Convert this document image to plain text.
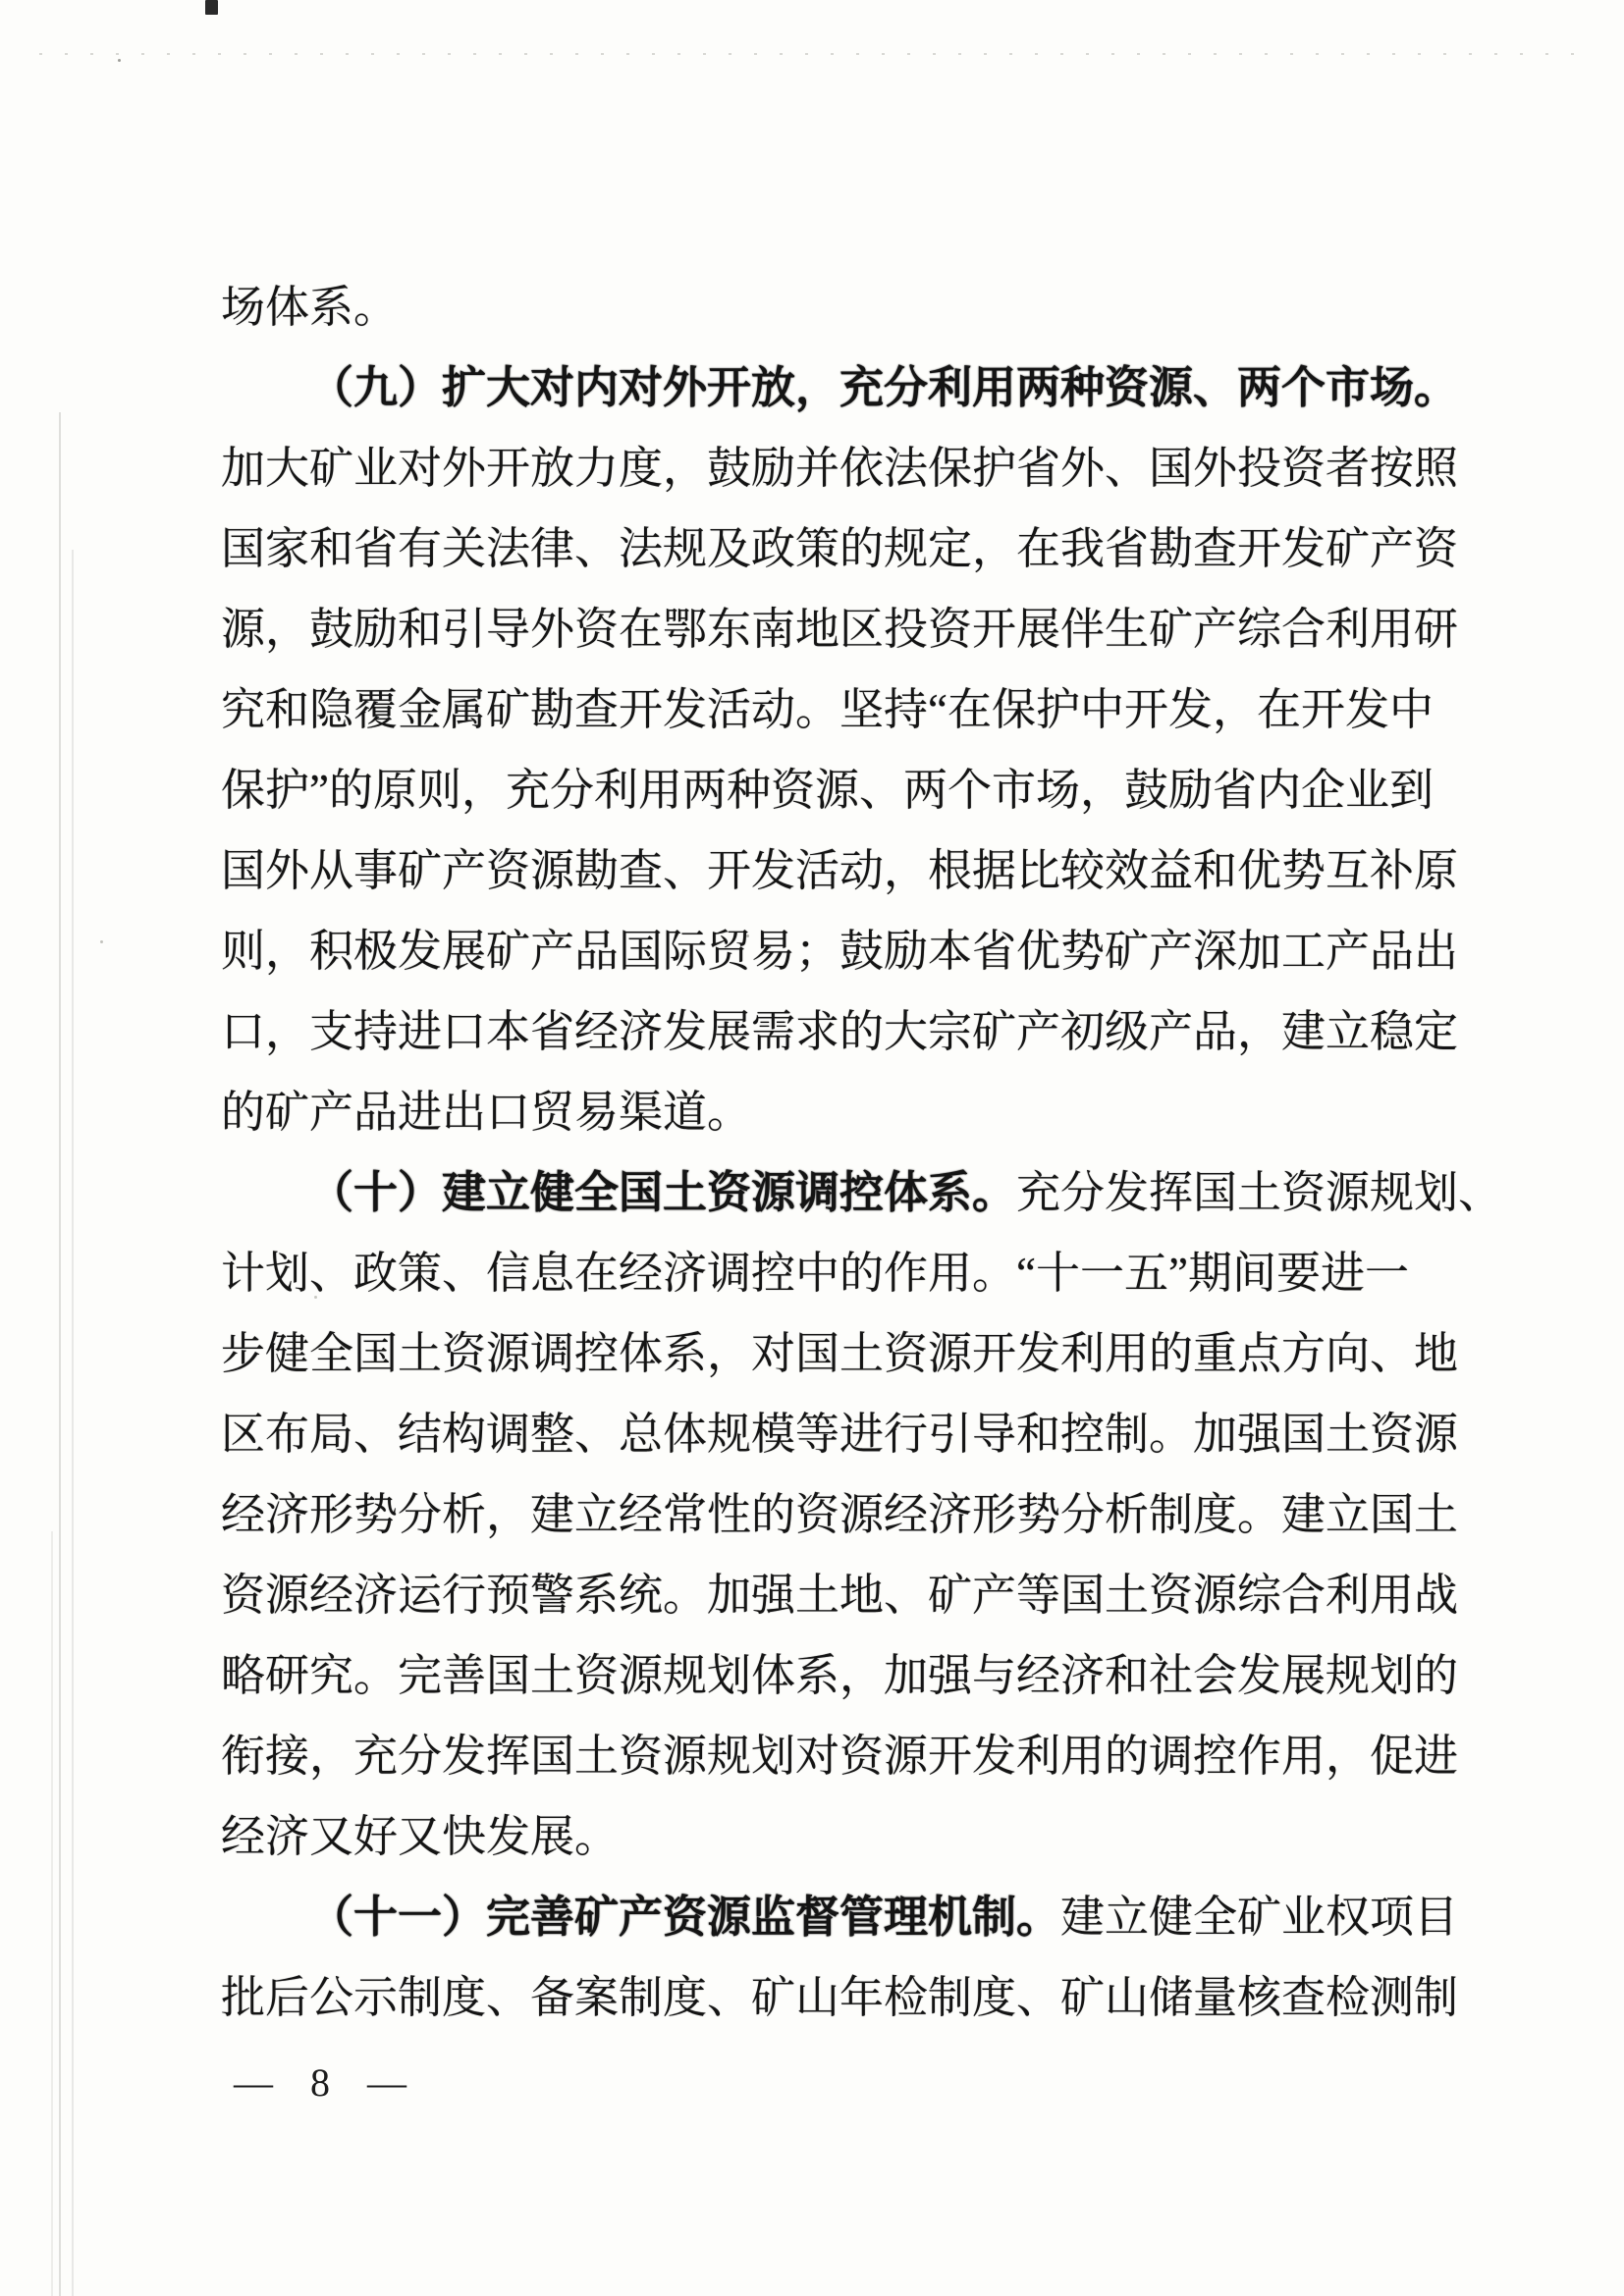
场体系。
（九）扩大对内对外开放，充分利用两种资源、两个市场。
加大矿业对外开放力度，鼓励并依法保护省外、国外投资者按照
国家和省有关法律、法规及政策的规定，在我省勘查开发矿产资
源，鼓励和引导外资在鄂东南地区投资开展伴生矿产综合利用研
究和隐覆金属矿勘查开发活动。坚持“在保护中开发，在开发中
保护”的原则，充分利用两种资源、两个市场，鼓励省内企业到
国外从事矿产资源勘查、开发活动，根据比较效益和优势互补原
则，积极发展矿产品国际贸易；鼓励本省优势矿产深加工产品出
口，支持进口本省经济发展需求的大宗矿产初级产品，建立稳定
的矿产品进出口贸易渠道。
（十）建立健全国土资源调控体系。充分发挥国土资源规划、
计划、政策、信息在经济调控中的作用。“十一五”期间要进一
步健全国土资源调控体系，对国土资源开发利用的重点方向、地
区布局、结构调整、总体规模等进行引导和控制。加强国土资源
经济形势分析，建立经常性的资源经济形势分析制度。建立国土
资源经济运行预警系统。加强土地、矿产等国土资源综合利用战
略研究。完善国土资源规划体系，加强与经济和社会发展规划的
衔接，充分发挥国土资源规划对资源开发利用的调控作用，促进
经济又好又快发展。
（十一）完善矿产资源监督管理机制。建立健全矿业权项目
批后公示制度、备案制度、矿山年检制度、矿山储量核查检测制
— 8 —
